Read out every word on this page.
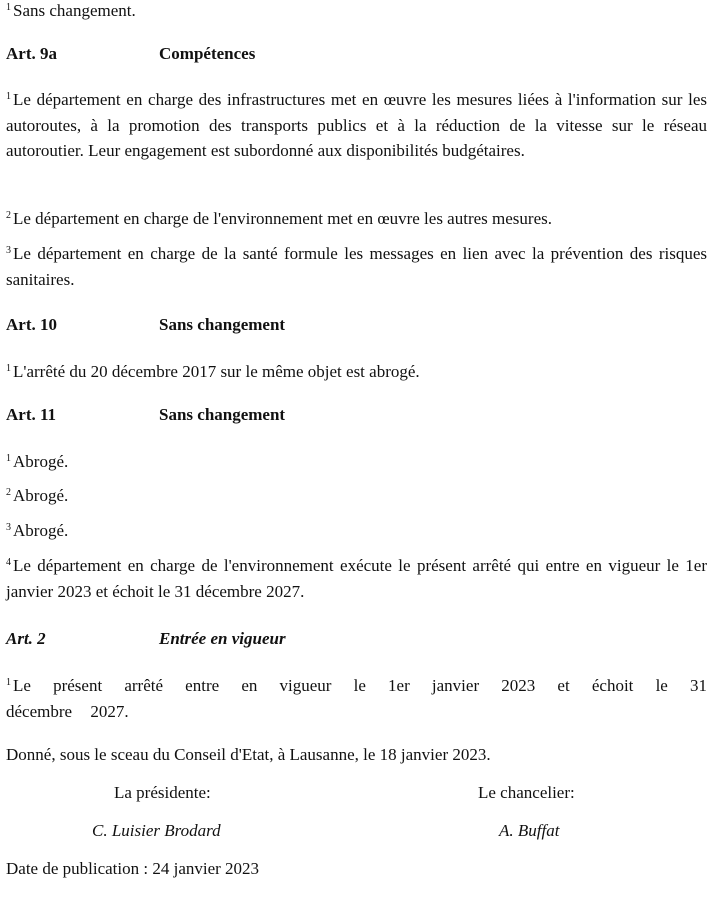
$^1$ Sans changement.
Art. 9a	Compétences
$^1$ Le département en charge des infrastructures met en œuvre les mesures liées à l'information sur les autoroutes, à la promotion des transports publics et à la réduction de la vitesse sur le réseau autoroutier. Leur engagement est subordonné aux disponibilités budgétaires.
$^2$ Le département en charge de l'environnement met en œuvre les autres mesures.
$^3$ Le département en charge de la santé formule les messages en lien avec la prévention des risques sanitaires.
Art. 10	Sans changement
$^1$ L'arrêté du 20 décembre 2017 sur le même objet est abrogé.
Art. 11	Sans changement
$^1$ Abrogé.
$^2$ Abrogé.
$^3$ Abrogé.
$^4$ Le département en charge de l'environnement exécute le présent arrêté qui entre en vigueur le 1er janvier 2023 et échoit le 31 décembre 2027.
Art. 2	Entrée en vigueur
$^1$ Le présent arrêté entre en vigueur le 1er janvier 2023 et échoit le 31 décembre 2027.
Donné, sous le sceau du Conseil d'Etat, à Lausanne, le 18 janvier 2023.
La présidente:	Le chancelier:
C. Luisier Brodard	A. Buffat
Date de publication : 24 janvier 2023
